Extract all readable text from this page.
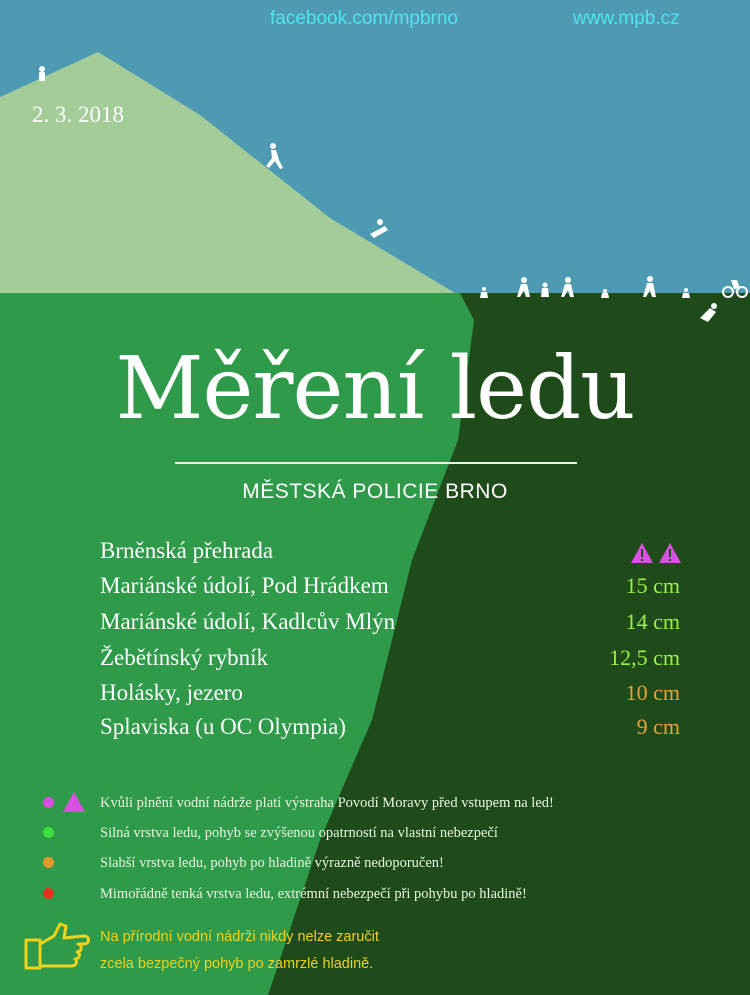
facebook.com/mpbrno	www.mpb.cz
2. 3. 2018
Měření ledu
MĚSTSKÁ POLICIE BRNO
Brněnská přehrada
Mariánské údolí, Pod Hrádkem	15 cm
Mariánské údolí, Kadlcův Mlýn	14 cm
Žebětínský rybník	12,5 cm
Holásky, jezero	10 cm
Splaviska (u OC Olympia)	9 cm
Kvůli plnění vodní nádrže platí výstraha Povodí Moravy před vstupem na led!
Silná vrstva ledu, pohyb se zvýšenou opatrností na vlastní nebezpečí
Slabší vrstva ledu, pohyb po hladině výrazně nedoporučen!
Mimořádně tenká vrstva ledu, extrémní nebezpečí při pohybu po hladině!
Na přírodní vodní nádrži nikdy nelze zaručit
zcela bezpečný pohyb po zamrzlé hladině.
